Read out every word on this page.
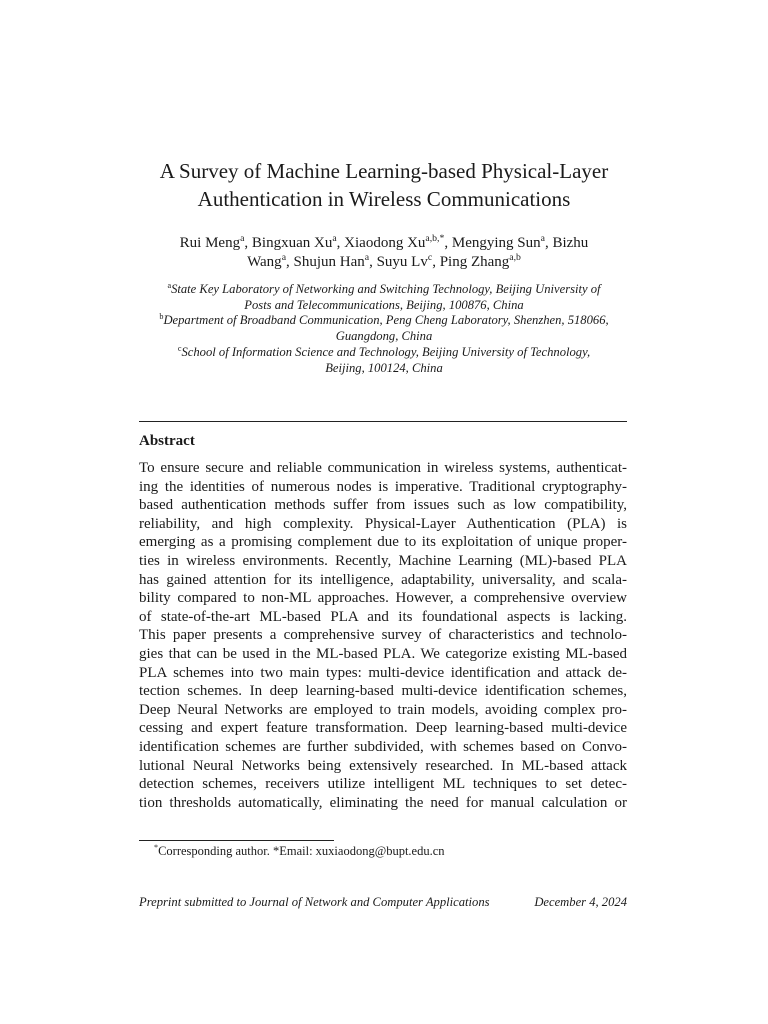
A Survey of Machine Learning-based Physical-Layer
Authentication in Wireless Communications
Rui Meng$^a$, Bingxuan Xu$^a$, Xiaodong $Xu^{a,b,*}$, Mengying Sun$^a$, Bizhu
Wang$^a$, Shujun Han$^a$, Suyu Lv$^c$, Ping Zhang$^{a,b}$
$^a$State Key Laboratory of Networking and Switching Technology, Beijing University of
Posts and Telecommunications, Beijing, 100876, China
$^b$Department of Broadband Communication, Peng Cheng Laboratory, Shenzhen, 518066,
Guangdong, China
$^c$School of Information Science and Technology, Beijing University of Technology,
Beijing, 100124, China
Abstract
To ensure secure and reliable communication in wireless systems, authenticat-
ing the identities of numerous nodes is imperative. Traditional cryptography-
based authentication methods suffer from issues such as low compatibility,
reliability, and high complexity. Physical-Layer Authentication (PLA) is
emerging as a promising complement due to its exploitation of unique proper-
ties in wireless environments. Recently, Machine Learning (ML)-based PLA
has gained attention for its intelligence, adaptability, universality, and scala-
bility compared to non-ML approaches. However, a comprehensive overview
of state-of-the-art ML-based PLA and its foundational aspects is lacking.
This paper presents a comprehensive survey of characteristics and technolo-
gies that can be used in the ML-based PLA. We categorize existing ML-based
PLA schemes into two main types: multi-device identification and attack de-
tection schemes. In deep learning-based multi-device identification schemes,
Deep Neural Networks are employed to train models, avoiding complex pro-
cessing and expert feature transformation. Deep learning-based multi-device
identification schemes are further subdivided, with schemes based on Convo-
lutional Neural Networks being extensively researched. In ML-based attack
detection schemes, receivers utilize intelligent ML techniques to set detec-
tion thresholds automatically, eliminating the need for manual calculation or
*Corresponding author. *Email: xuxiaodong@bupt.edu.cn
Preprint submitted to Journal of Network and Computer Applications	December 4, 2024
